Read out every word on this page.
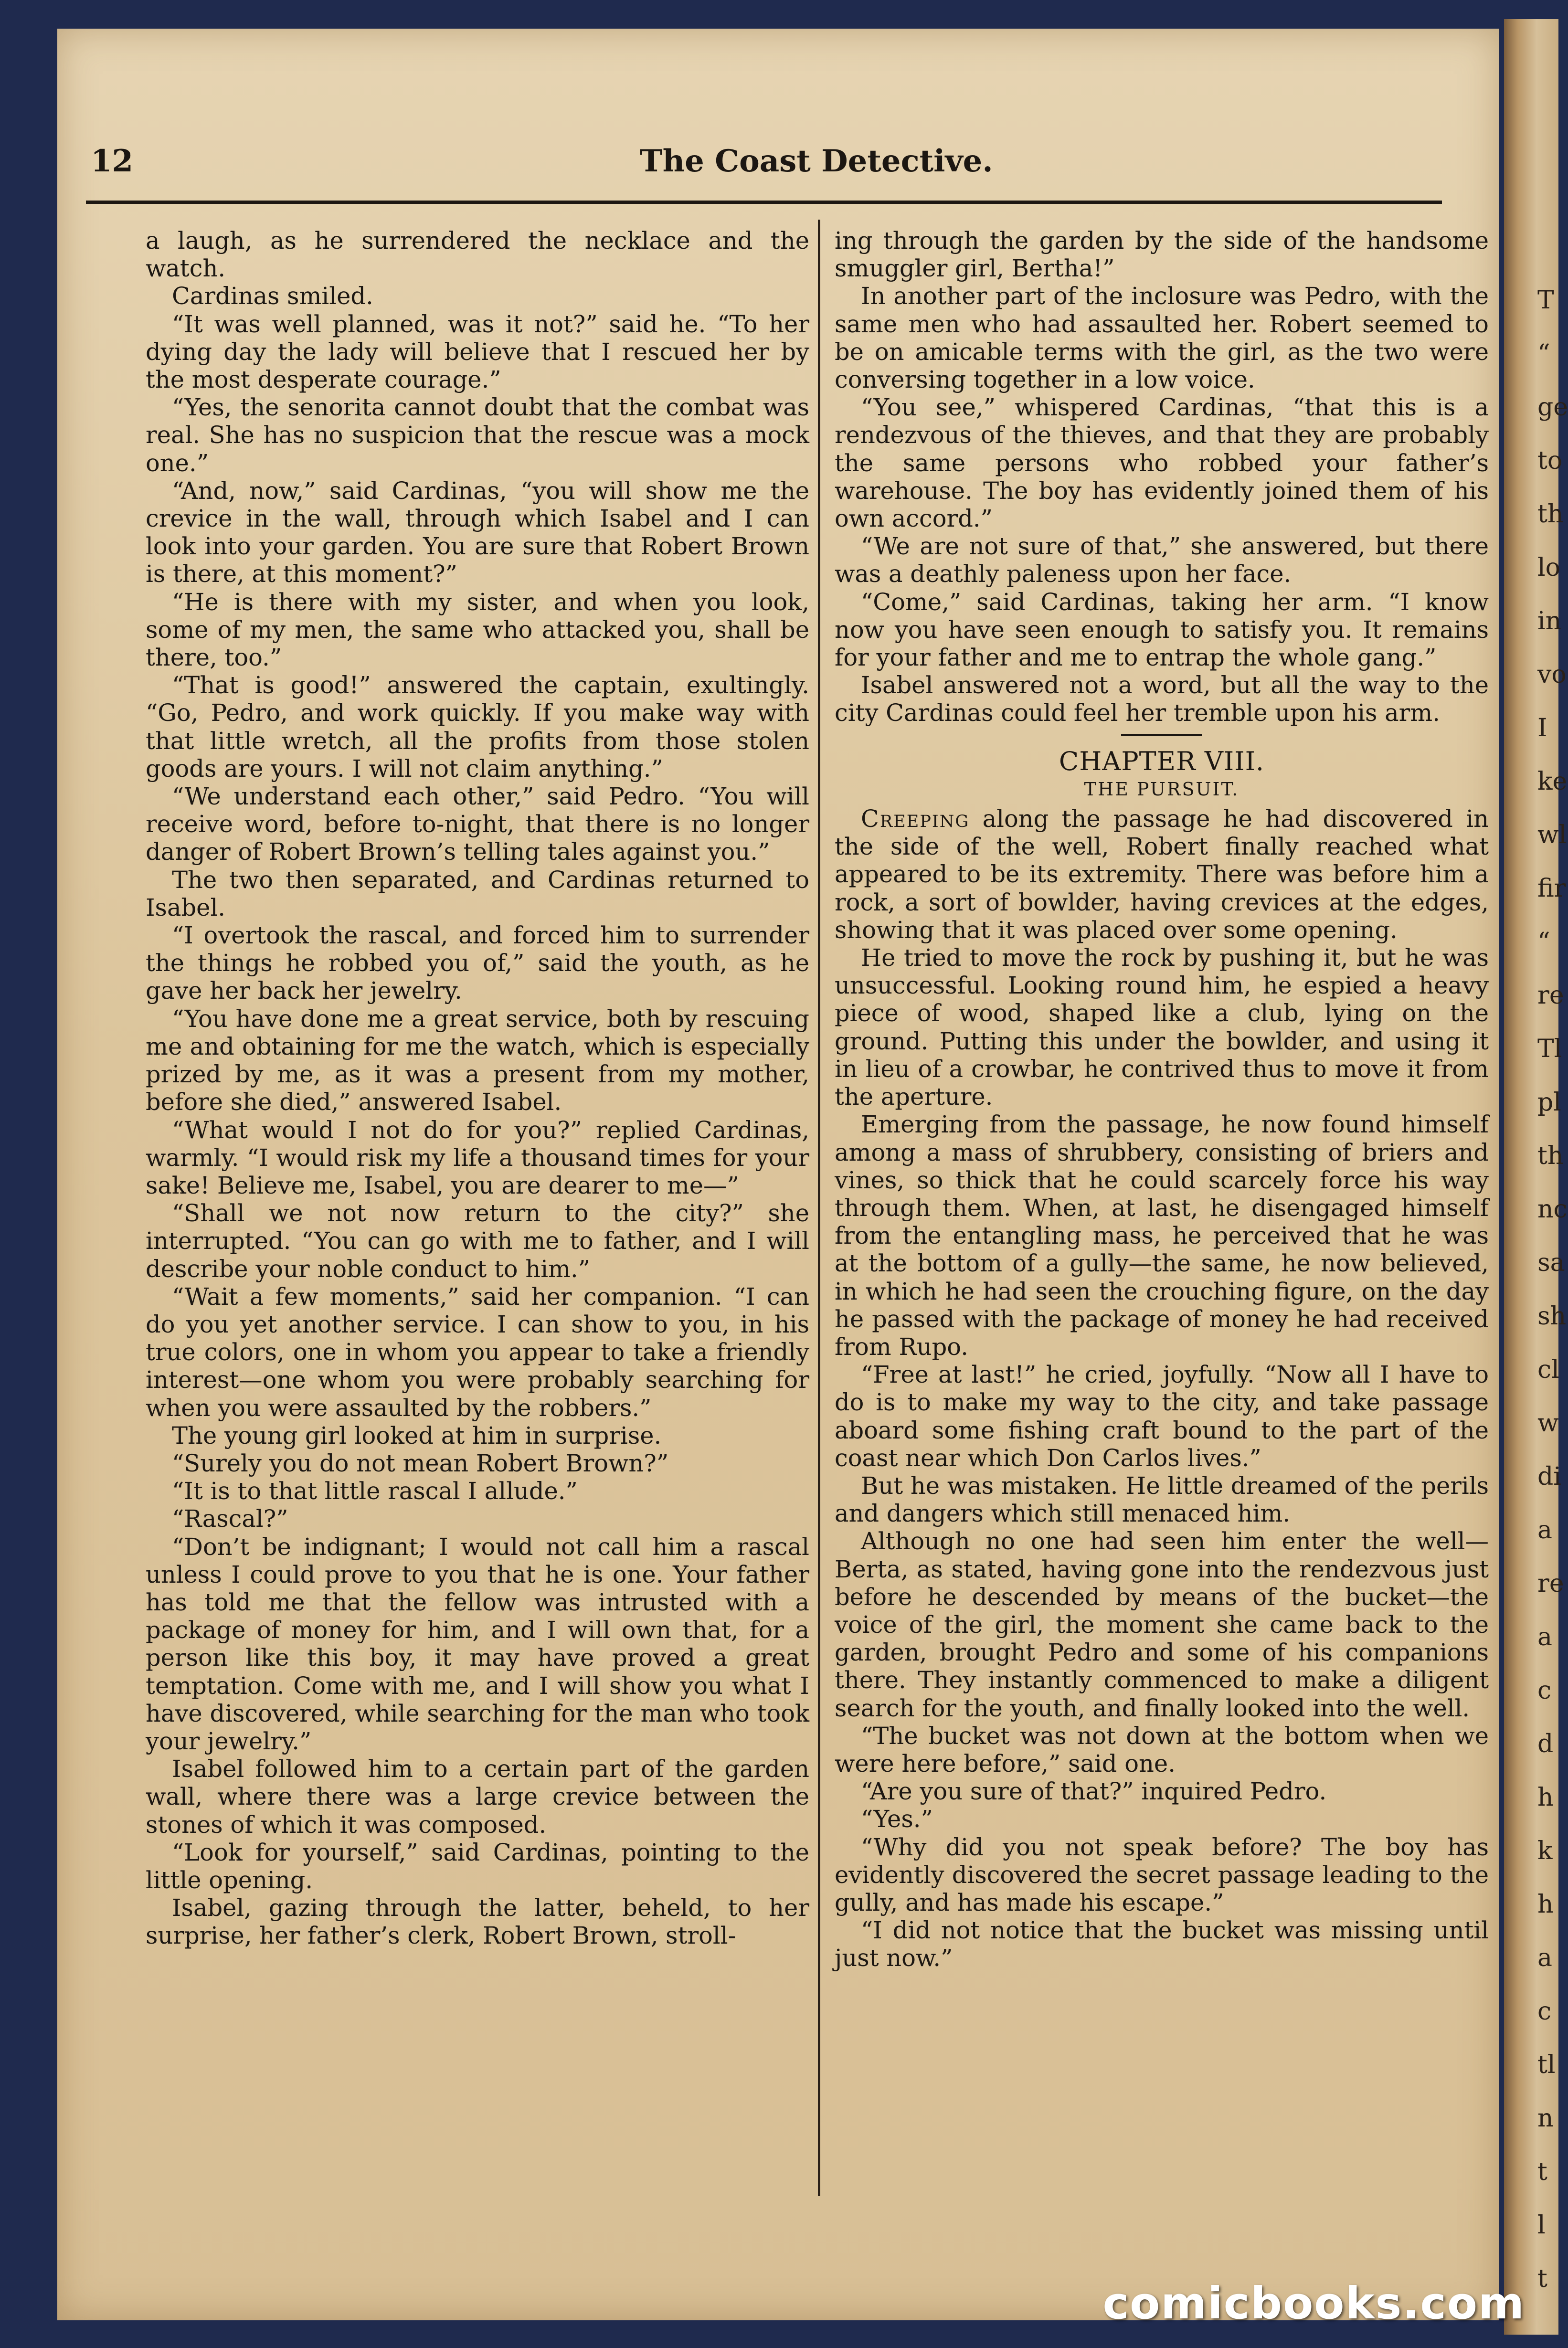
T
“
ge
to
th
lo
in
vo
I
ke
wl
fir
“
re
Tl
pl
th
nc
sa
sh
cl
w
di
a
re
a
c
d
h
k
h
a
c
tl
n
t
l
t
12	The Coast Detective.

a laugh, as he surrendered the necklace and the watch.

Cardinas smiled.

“It was well planned, was it not?” said he. “To her dying day the lady will believe that I rescued her by the most desperate courage.”

“Yes, the senorita cannot doubt that the combat was real. She has no suspicion that the rescue was a mock one.”

“And, now,” said Cardinas, “you will show me the crevice in the wall, through which Isabel and I can look into your garden. You are sure that Robert Brown is there, at this moment?”

“He is there with my sister, and when you look, some of my men, the same who attacked you, shall be there, too.”

“That is good!” answered the captain, exultingly. “Go, Pedro, and work quickly. If you make way with that little wretch, all the profits from those stolen goods are yours. I will not claim anything.”

“We understand each other,” said Pedro. “You will receive word, before to-night, that there is no longer danger of Robert Brown’s telling tales against you.”

The two then separated, and Cardinas returned to Isabel.

“I overtook the rascal, and forced him to surrender the things he robbed you of,” said the youth, as he gave her back her jewelry.

“You have done me a great service, both by rescuing me and obtaining for me the watch, which is especially prized by me, as it was a present from my mother, before she died,” answered Isabel.

“What would I not do for you?” replied Cardinas, warmly. “I would risk my life a thousand times for your sake! Believe me, Isabel, you are dearer to me—”

“Shall we not now return to the city?” she interrupted. “You can go with me to father, and I will describe your noble conduct to him.”

“Wait a few moments,” said her companion. “I can do you yet another service. I can show to you, in his true colors, one in whom you appear to take a friendly interest—one whom you were probably searching for when you were assaulted by the robbers.”

The young girl looked at him in surprise.

“Surely you do not mean Robert Brown?”

“It is to that little rascal I allude.”

“Rascal?”

“Don’t be indignant; I would not call him a rascal unless I could prove to you that he is one. Your father has told me that the fellow was intrusted with a package of money for him, and I will own that, for a person like this boy, it may have proved a great temptation. Come with me, and I will show you what I have discovered, while searching for the man who took your jewelry.”

Isabel followed him to a certain part of the garden wall, where there was a large crevice between the stones of which it was composed.

“Look for yourself,” said Cardinas, pointing to the little opening.

Isabel, gazing through the latter, beheld, to her surprise, her father’s clerk, Robert Brown, stroll-

ing through the garden by the side of the handsome smuggler girl, Bertha!”

In another part of the inclosure was Pedro, with the same men who had assaulted her. Robert seemed to be on amicable terms with the girl, as the two were conversing together in a low voice.

“You see,” whispered Cardinas, “that this is a rendezvous of the thieves, and that they are probably the same persons who robbed your father’s warehouse. The boy has evidently joined them of his own accord.”

“We are not sure of that,” she answered, but there was a deathly paleness upon her face.

“Come,” said Cardinas, taking her arm. “I know now you have seen enough to satisfy you. It remains for your father and me to entrap the whole gang.”

Isabel answered not a word, but all the way to the city Cardinas could feel her tremble upon his arm.

CHAPTER VIII.
THE PURSUIT.

Creeping along the passage he had discovered in the side of the well, Robert finally reached what appeared to be its extremity. There was before him a rock, a sort of bowlder, having crevices at the edges, showing that it was placed over some opening.

He tried to move the rock by pushing it, but he was unsuccessful. Looking round him, he espied a heavy piece of wood, shaped like a club, lying on the ground. Putting this under the bowlder, and using it in lieu of a crowbar, he contrived thus to move it from the aperture.

Emerging from the passage, he now found himself among a mass of shrubbery, consisting of briers and vines, so thick that he could scarcely force his way through them. When, at last, he disengaged himself from the entangling mass, he perceived that he was at the bottom of a gully—the same, he now believed, in which he had seen the crouching figure, on the day he passed with the package of money he had received from Rupo.

“Free at last!” he cried, joyfully. “Now all I have to do is to make my way to the city, and take passage aboard some fishing craft bound to the part of the coast near which Don Carlos lives.”

But he was mistaken. He little dreamed of the perils and dangers which still menaced him.

Although no one had seen him enter the well—Berta, as stated, having gone into the rendezvous just before he descended by means of the bucket—the voice of the girl, the moment she came back to the garden, brought Pedro and some of his companions there. They instantly commenced to make a diligent search for the youth, and finally looked into the well.

“The bucket was not down at the bottom when we were here before,” said one.

“Are you sure of that?” inquired Pedro.

“Yes.”

“Why did you not speak before? The boy has evidently discovered the secret passage leading to the gully, and has made his escape.”

“I did not notice that the bucket was missing until just now.”

comicbooks.com
